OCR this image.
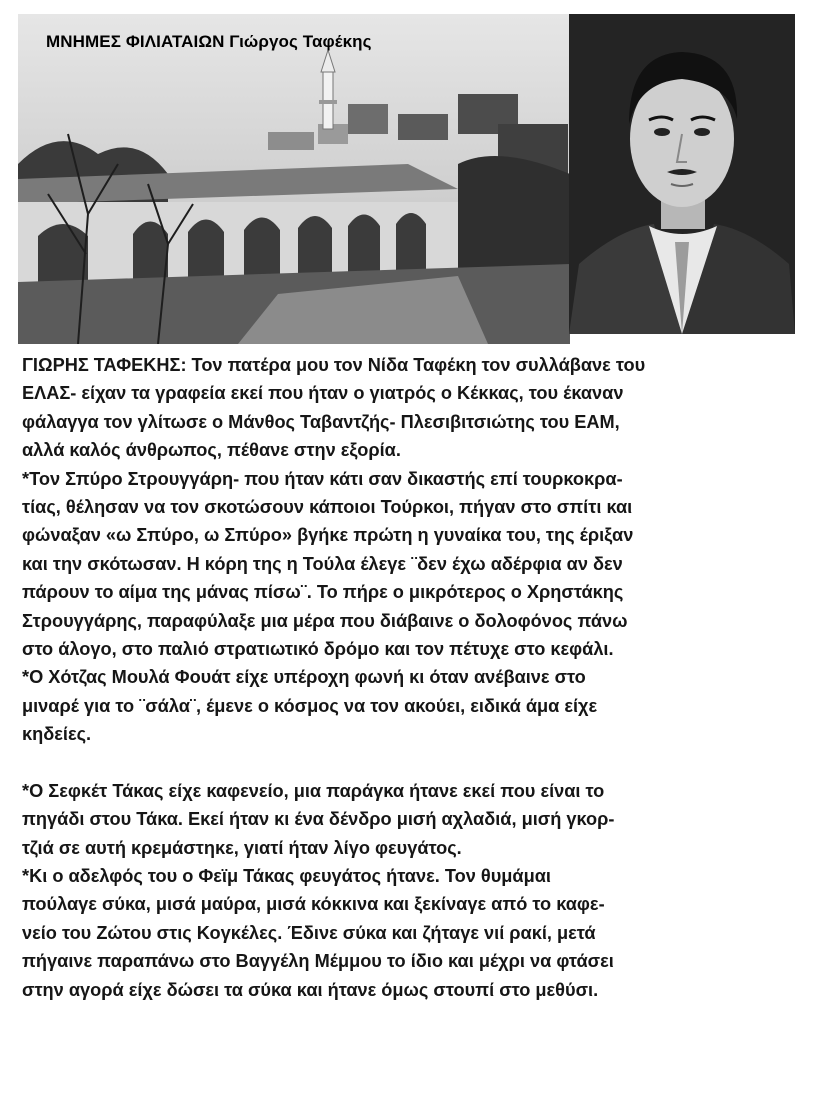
ΜΝΗΜΕΣ ΦΙΛΙΑΤΑΙΩΝ Γιώργος Ταφέκης

ΓΙΩΡΗΣ ΤΑΦΕΚΗΣ: Τον πατέρα μου τον Νίδα Ταφέκη τον συλλάβανε του
ΕΛΑΣ- είχαν τα γραφεία εκεί που ήταν ο γιατρός ο Κέκκας, του έκαναν
φάλαγγα τον γλίτωσε ο Μάνθος Ταβαντζής- Πλεσιβιτσιώτης του ΕΑΜ,
αλλά καλός άνθρωπος, πέθανε στην εξορία.

*Τον Σπύρο Στρουγγάρη- που ήταν κάτι σαν δικαστής επί τουρκοκρα-
τίας, θέλησαν να τον σκοτώσουν κάποιοι Τούρκοι, πήγαν στο σπίτι και
φώναξαν «ω Σπύρο, ω Σπύρο» βγήκε πρώτη η γυναίκα του, της έριξαν
και την σκότωσαν. Η κόρη της η Τούλα έλεγε ¨δεν έχω αδέρφια αν δεν
πάρουν το αίμα της μάνας πίσω¨. Το πήρε ο μικρότερος ο Χρηστάκης
Στρουγγάρης, παραφύλαξε μια μέρα που διάβαινε ο δολοφόνος πάνω
στο άλογο, στο παλιό στρατιωτικό δρόμο και τον πέτυχε στο κεφάλι.

*Ο Χότζας Μουλά Φουάτ είχε υπέροχη φωνή κι όταν ανέβαινε στο
μιναρέ για το ¨σάλα¨, έμενε ο κόσμος να τον ακούει, ειδικά άμα είχε
κηδείες.

*Ο Σεφκέτ Τάκας είχε καφενείο, μια παράγκα ήτανε εκεί που είναι το
πηγάδι στου Τάκα. Εκεί ήταν κι ένα δένδρο μισή αχλαδιά, μισή γκορ-
τζιά σε αυτή κρεμάστηκε, γιατί ήταν λίγο φευγάτος.

*Κι ο αδελφός του ο Φεϊμ Τάκας φευγάτος ήτανε. Τον θυμάμαι
πούλαγε σύκα, μισά μαύρα, μισά κόκκινα και ξεκίναγε από το καφε-
νείο του Ζώτου στις Κογκέλες. Έδινε σύκα και ζήταγε νιί ρακί, μετά
πήγαινε παραπάνω στο Βαγγέλη Μέμμου το ίδιο και μέχρι να φτάσει
στην αγορά είχε δώσει τα σύκα και ήτανε όμως στουπί στο μεθύσι.
